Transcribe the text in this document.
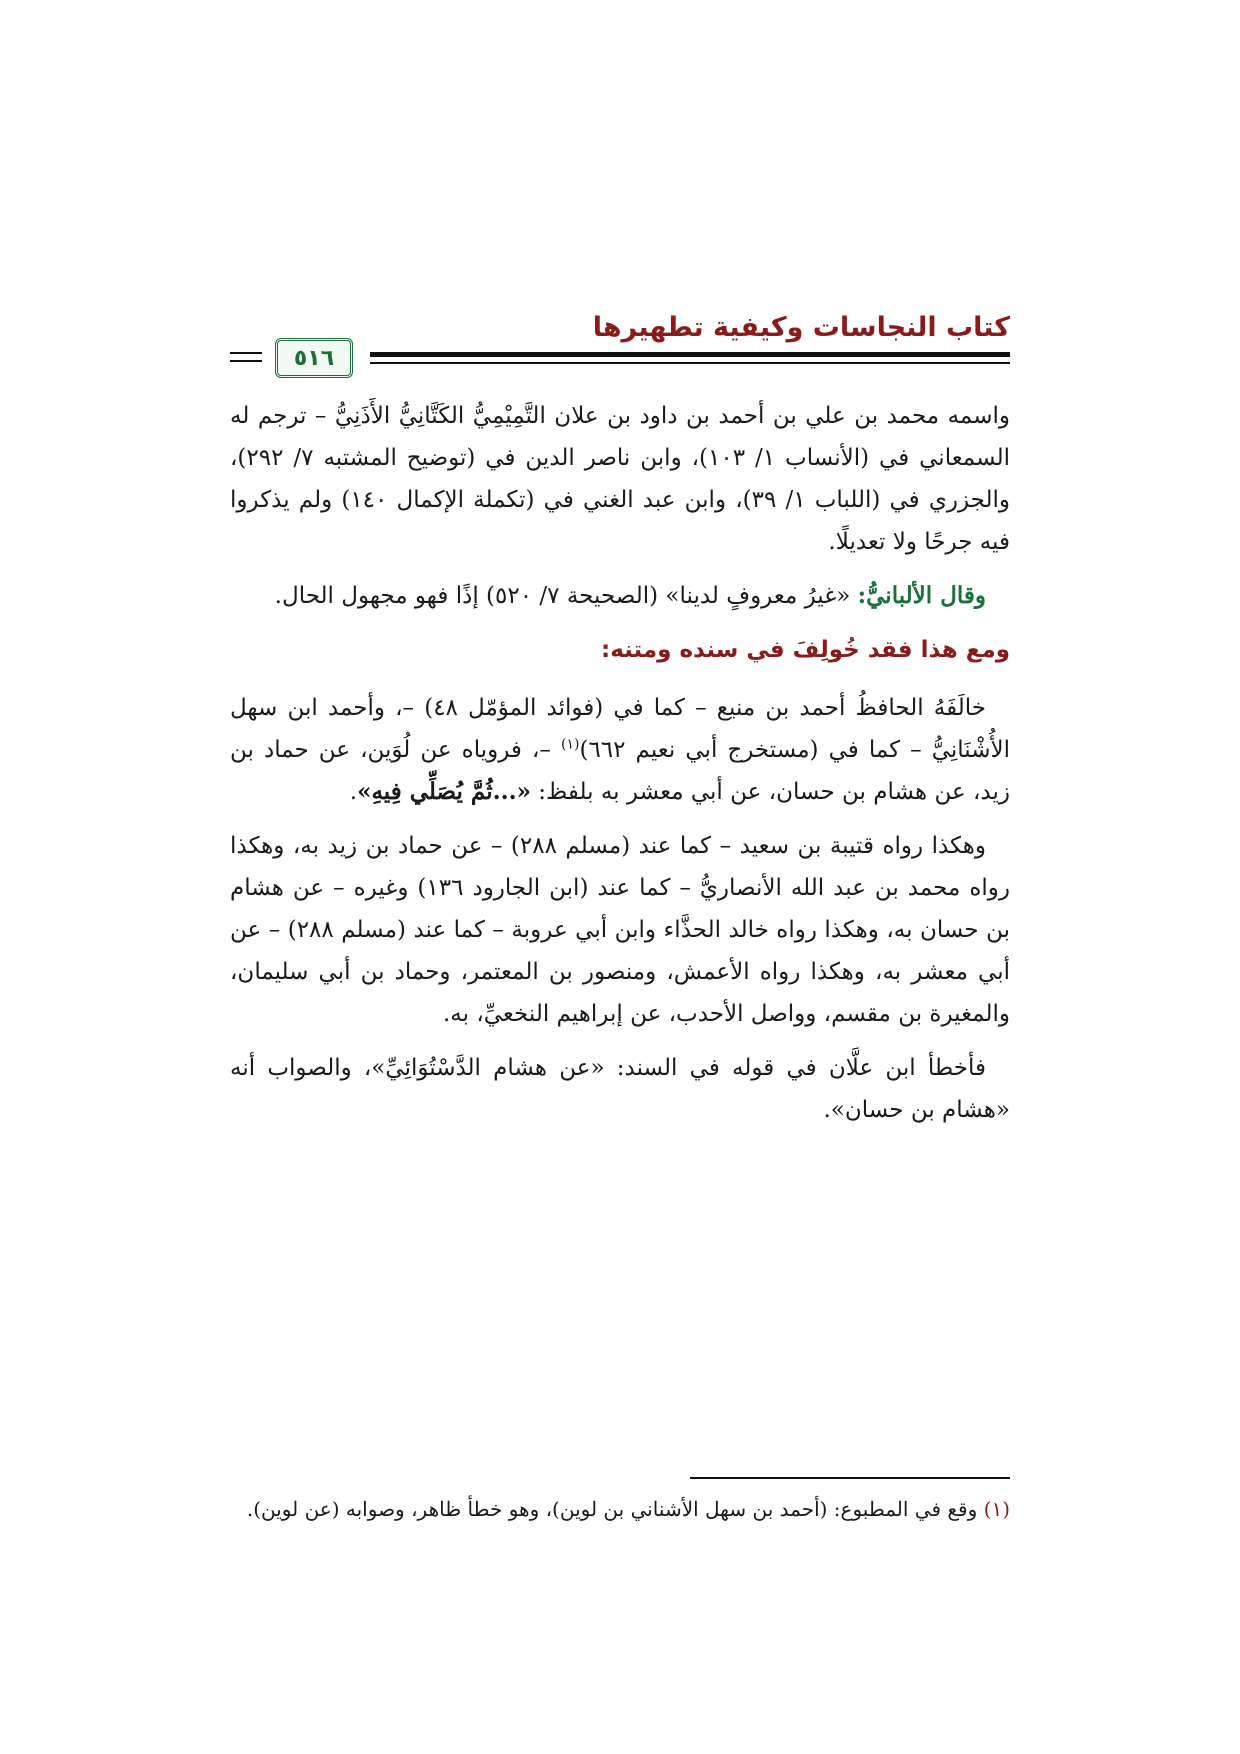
كتاب النجاسات وكيفية تطهيرها
٥١٦

واسمه محمد بن علي بن أحمد بن داود بن علان التَّمِيْمِيُّ الكَتَّانِيُّ الأَذَنِيُّ – ترجم له السمعاني في (الأنساب ١/ ١٠٣)، وابن ناصر الدين في (توضيح المشتبه ٧/ ٢٩٢)، والجزري في (اللباب ١/ ٣٩)، وابن عبد الغني في (تكملة الإكمال ١٤٠) ولم يذكروا فيه جرحًا ولا تعديلًا.

وقال الألبانيُّ: «غيرُ معروفٍ لدينا» (الصحيحة ٧/ ٥٢٠) إذًا فهو مجهول الحال.

ومع هذا فقد خُولِفَ في سنده ومتنه:

خالَفَهُ الحافظُ أحمد بن منيع – كما في (فوائد المؤمّل ٤٨) –، وأحمد ابن سهل الأُشْنَانِيُّ – كما في (مستخرج أبي نعيم ٦٦٢)$^{(١)}$ –، فروياه عن لُوَين، عن حماد بن زيد، عن هشام بن حسان، عن أبي معشر به بلفظ: «...ثُمَّ يُصَلِّي فِيهِ».

وهكذا رواه قتيبة بن سعيد – كما عند (مسلم ٢٨٨) – عن حماد بن زيد به، وهكذا رواه محمد بن عبد الله الأنصاريُّ – كما عند (ابن الجارود ١٣٦) وغيره – عن هشام بن حسان به، وهكذا رواه خالد الحذَّاء وابن أبي عروبة – كما عند (مسلم ٢٨٨) – عن أبي معشر به، وهكذا رواه الأعمش، ومنصور بن المعتمر، وحماد بن أبي سليمان، والمغيرة بن مقسم، وواصل الأحدب، عن إبراهيم النخعيِّ، به.

فأخطأ ابن علَّان في قوله في السند: «عن هشام الدَّسْتُوَائِيِّ»، والصواب أنه «هشام بن حسان».

(١) وقع في المطبوع: (أحمد بن سهل الأشناني بن لوين)، وهو خطأ ظاهر، وصوابه (عن لوين).
